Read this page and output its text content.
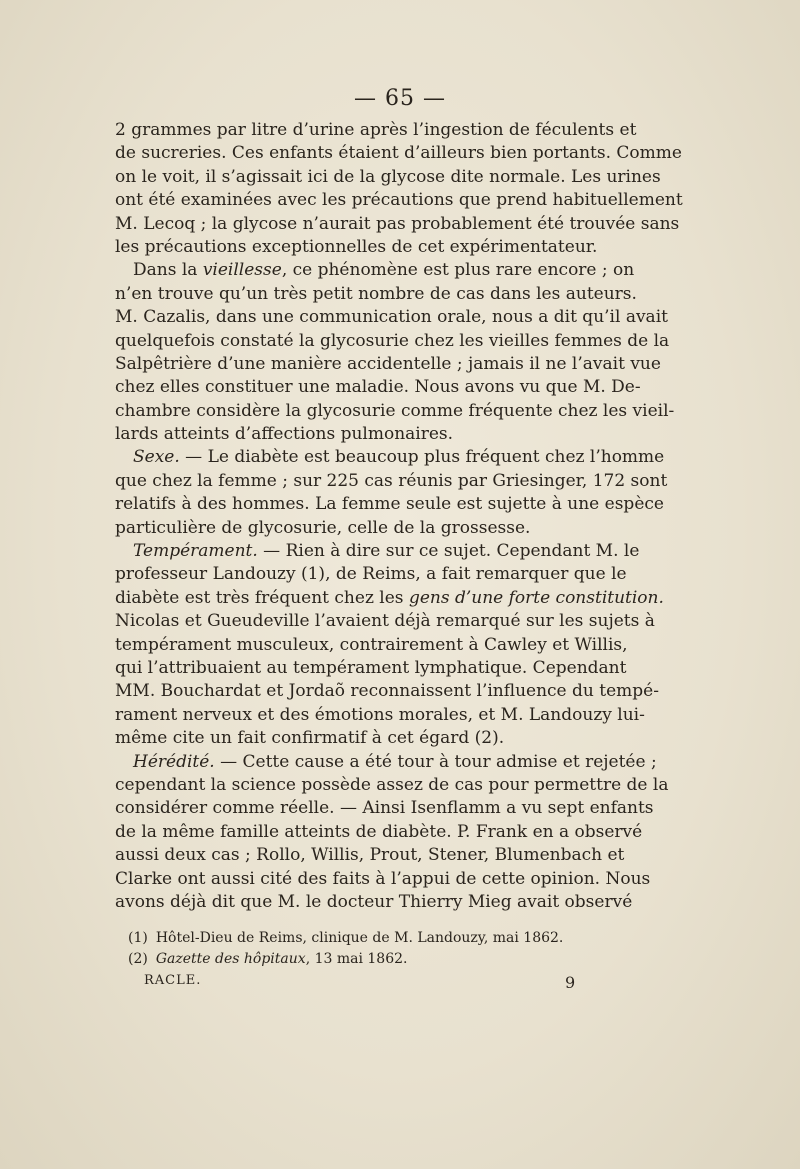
— 65 —
2 grammes par litre d’urine après l’ingestion de féculents et
de sucreries. Ces enfants étaient d’ailleurs bien portants. Comme
on le voit, il s’agissait ici de la glycose dite normale. Les urines
ont été examinées avec les précautions que prend habituellement
M. Lecoq ; la glycose n’aurait pas probablement été trouvée sans
les précautions exceptionnelles de cet expérimentateur.
Dans la vieillesse, ce phénomène est plus rare encore ; on
n’en trouve qu’un très petit nombre de cas dans les auteurs.
M. Cazalis, dans une communication orale, nous a dit qu’il avait
quelquefois constaté la glycosurie chez les vieilles femmes de la
Salpêtrière d’une manière accidentelle ; jamais il ne l’avait vue
chez elles constituer une maladie. Nous avons vu que M. De-
chambre considère la glycosurie comme fréquente chez les vieil-
lards atteints d’affections pulmonaires.
Sexe. — Le diabète est beaucoup plus fréquent chez l’homme
que chez la femme ; sur 225 cas réunis par Griesinger, 172 sont
relatifs à des hommes. La femme seule est sujette à une espèce
particulière de glycosurie, celle de la grossesse.
Tempérament. — Rien à dire sur ce sujet. Cependant M. le
professeur Landouzy (1), de Reims, a fait remarquer que le
diabète est très fréquent chez les gens d’une forte constitution.
Nicolas et Gueudeville l’avaient déjà remarqué sur les sujets à
tempérament musculeux, contrairement à Cawley et Willis,
qui l’attribuaient au tempérament lymphatique. Cependant
MM. Bouchardat et Jordaõ reconnaissent l’influence du tempé-
rament nerveux et des émotions morales, et M. Landouzy lui-
même cite un fait confirmatif à cet égard (2).
Hérédité. — Cette cause a été tour à tour admise et rejetée ;
cependant la science possède assez de cas pour permettre de la
considérer comme réelle. — Ainsi Isenflamm a vu sept enfants
de la même famille atteints de diabète. P. Frank en a observé
aussi deux cas ; Rollo, Willis, Prout, Stener, Blumenbach et
Clarke ont aussi cité des faits à l’appui de cette opinion. Nous
avons déjà dit que M. le docteur Thierry Mieg avait observé
(1) Hôtel-Dieu de Reims, clinique de M. Landouzy, mai 1862.
(2) Gazette des hôpitaux, 13 mai 1862.
RACLE.	9
